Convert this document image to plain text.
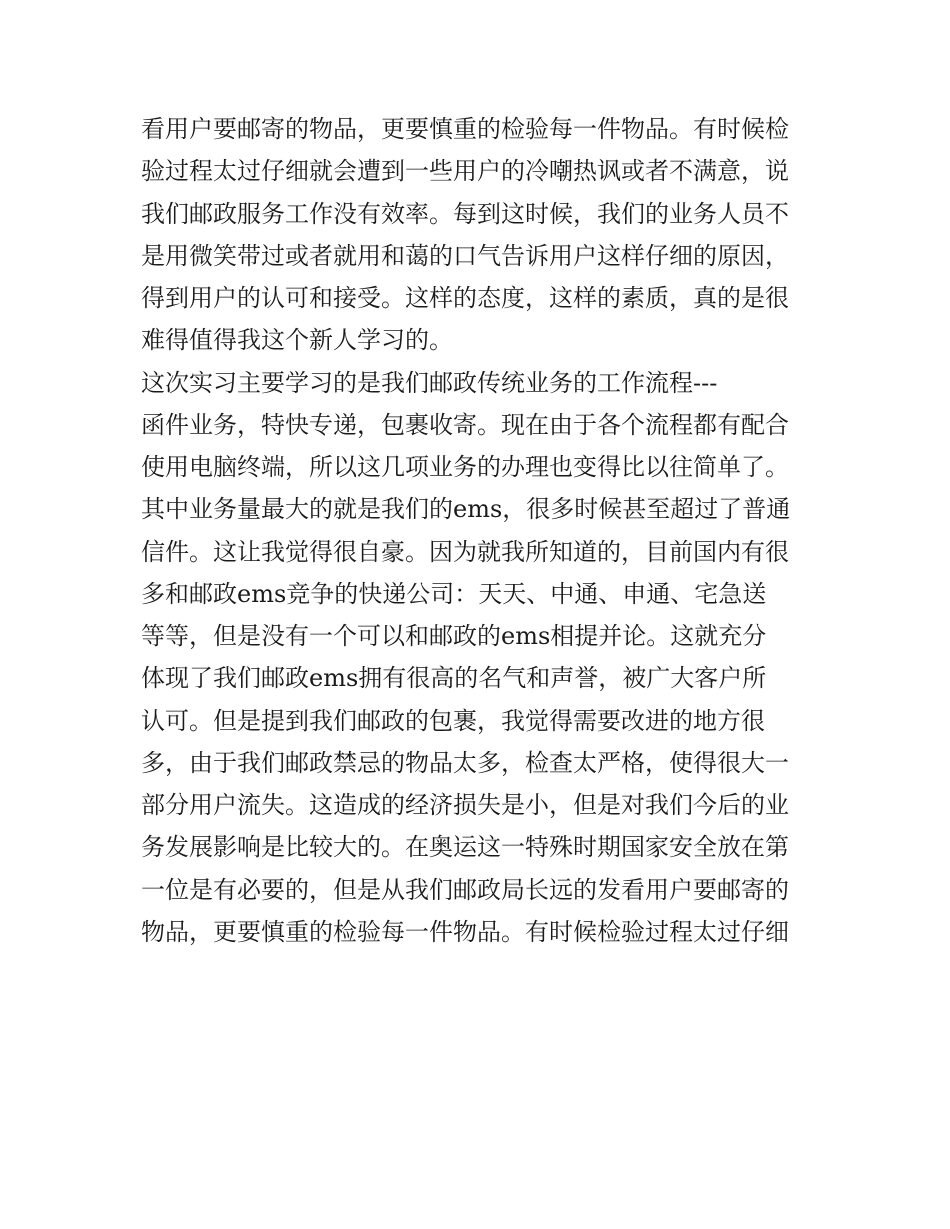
看用户要邮寄的物品，更要慎重的检验每一件物品。有时候检

验过程太过仔细就会遭到一些用户的冷嘲热讽或者不满意，说

我们邮政服务工作没有效率。每到这时候，我们的业务人员不

是用微笑带过或者就用和蔼的口气告诉用户这样仔细的原因，

得到用户的认可和接受。这样的态度，这样的素质，真的是很

难得值得我这个新人学习的。

这次实习主要学习的是我们邮政传统业务的工作流程---

函件业务，特快专递，包裹收寄。现在由于各个流程都有配合

使用电脑终端，所以这几项业务的办理也变得比以往简单了。

其中业务量最大的就是我们的ems，很多时候甚至超过了普通

信件。这让我觉得很自豪。因为就我所知道的，目前国内有很

多和邮政ems竞争的快递公司：天天、中通、申通、宅急送

等等，但是没有一个可以和邮政的ems相提并论。这就充分

体现了我们邮政ems拥有很高的名气和声誉，被广大客户所

认可。但是提到我们邮政的包裹，我觉得需要改进的地方很

多，由于我们邮政禁忌的物品太多，检查太严格，使得很大一

部分用户流失。这造成的经济损失是小，但是对我们今后的业

务发展影响是比较大的。在奥运这一特殊时期国家安全放在第

一位是有必要的，但是从我们邮政局长远的发看用户要邮寄的

物品，更要慎重的检验每一件物品。有时候检验过程太过仔细
